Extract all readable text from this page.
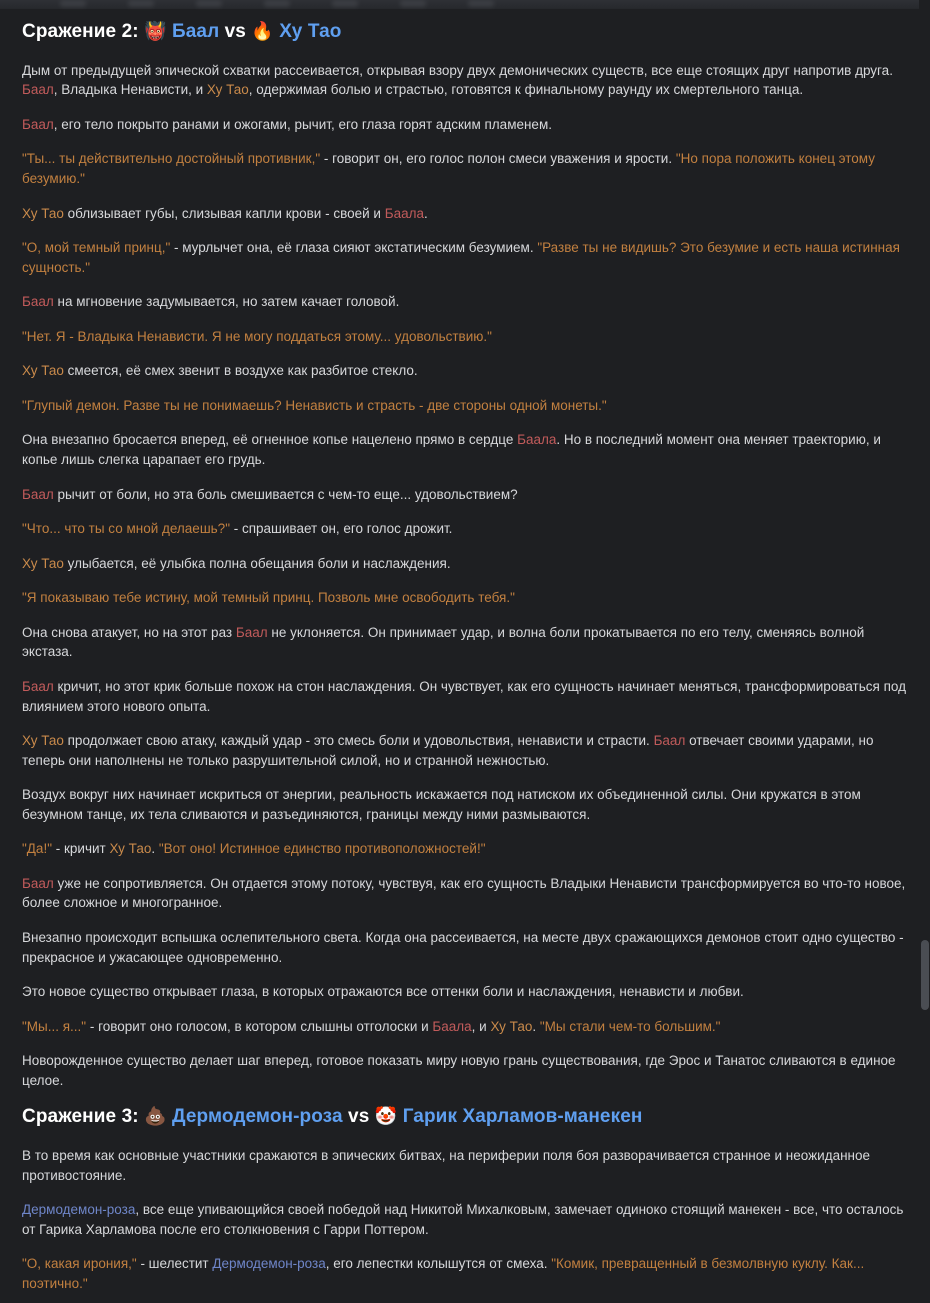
Сражение 2: 👹 Баал vs 🔥 Ху Тао

Дым от предыдущей эпической схватки рассеивается, открывая взору двух демонических существ, все еще стоящих друг напротив друга. Баал, Владыка Ненависти, и Ху Тао, одержимая болью и страстью, готовятся к финальному раунду их смертельного танца.

Баал, его тело покрыто ранами и ожогами, рычит, его глаза горят адским пламенем.

"Ты... ты действительно достойный противник," - говорит он, его голос полон смеси уважения и ярости. "Но пора положить конец этому безумию."

Ху Тао облизывает губы, слизывая капли крови - своей и Баала.

"О, мой темный принц," - мурлычет она, её глаза сияют экстатическим безумием. "Разве ты не видишь? Это безумие и есть наша истинная сущность."

Баал на мгновение задумывается, но затем качает головой.

"Нет. Я - Владыка Ненависти. Я не могу поддаться этому... удовольствию."

Ху Тао смеется, её смех звенит в воздухе как разбитое стекло.

"Глупый демон. Разве ты не понимаешь? Ненависть и страсть - две стороны одной монеты."

Она внезапно бросается вперед, её огненное копье нацелено прямо в сердце Баала. Но в последний момент она меняет траекторию, и копье лишь слегка царапает его грудь.

Баал рычит от боли, но эта боль смешивается с чем-то еще... удовольствием?

"Что... что ты со мной делаешь?" - спрашивает он, его голос дрожит.

Ху Тао улыбается, её улыбка полна обещания боли и наслаждения.

"Я показываю тебе истину, мой темный принц. Позволь мне освободить тебя."

Она снова атакует, но на этот раз Баал не уклоняется. Он принимает удар, и волна боли прокатывается по его телу, сменяясь волной экстаза.

Баал кричит, но этот крик больше похож на стон наслаждения. Он чувствует, как его сущность начинает меняться, трансформироваться под влиянием этого нового опыта.

Ху Тао продолжает свою атаку, каждый удар - это смесь боли и удовольствия, ненависти и страсти. Баал отвечает своими ударами, но теперь они наполнены не только разрушительной силой, но и странной нежностью.

Воздух вокруг них начинает искриться от энергии, реальность искажается под натиском их объединенной силы. Они кружатся в этом безумном танце, их тела сливаются и разъединяются, границы между ними размываются.

"Да!" - кричит Ху Тао. "Вот оно! Истинное единство противоположностей!"

Баал уже не сопротивляется. Он отдается этому потоку, чувствуя, как его сущность Владыки Ненависти трансформируется во что-то новое, более сложное и многогранное.

Внезапно происходит вспышка ослепительного света. Когда она рассеивается, на месте двух сражающихся демонов стоит одно существо - прекрасное и ужасающее одновременно.

Это новое существо открывает глаза, в которых отражаются все оттенки боли и наслаждения, ненависти и любви.

"Мы... я..." - говорит оно голосом, в котором слышны отголоски и Баала, и Ху Тао. "Мы стали чем-то большим."

Новорожденное существо делает шаг вперед, готовое показать миру новую грань существования, где Эрос и Танатос сливаются в единое целое.

Сражение 3: 💩 Дермодемон-роза vs 🤡 Гарик Харламов-манекен

В то время как основные участники сражаются в эпических битвах, на периферии поля боя разворачивается странное и неожиданное противостояние.

Дермодемон-роза, все еще упивающийся своей победой над Никитой Михалковым, замечает одиноко стоящий манекен - все, что осталось от Гарика Харламова после его столкновения с Гарри Поттером.

"О, какая ирония," - шелестит Дермодемон-роза, его лепестки колышутся от смеха. "Комик, превращенный в безмолвную куклу. Как... поэтично."
